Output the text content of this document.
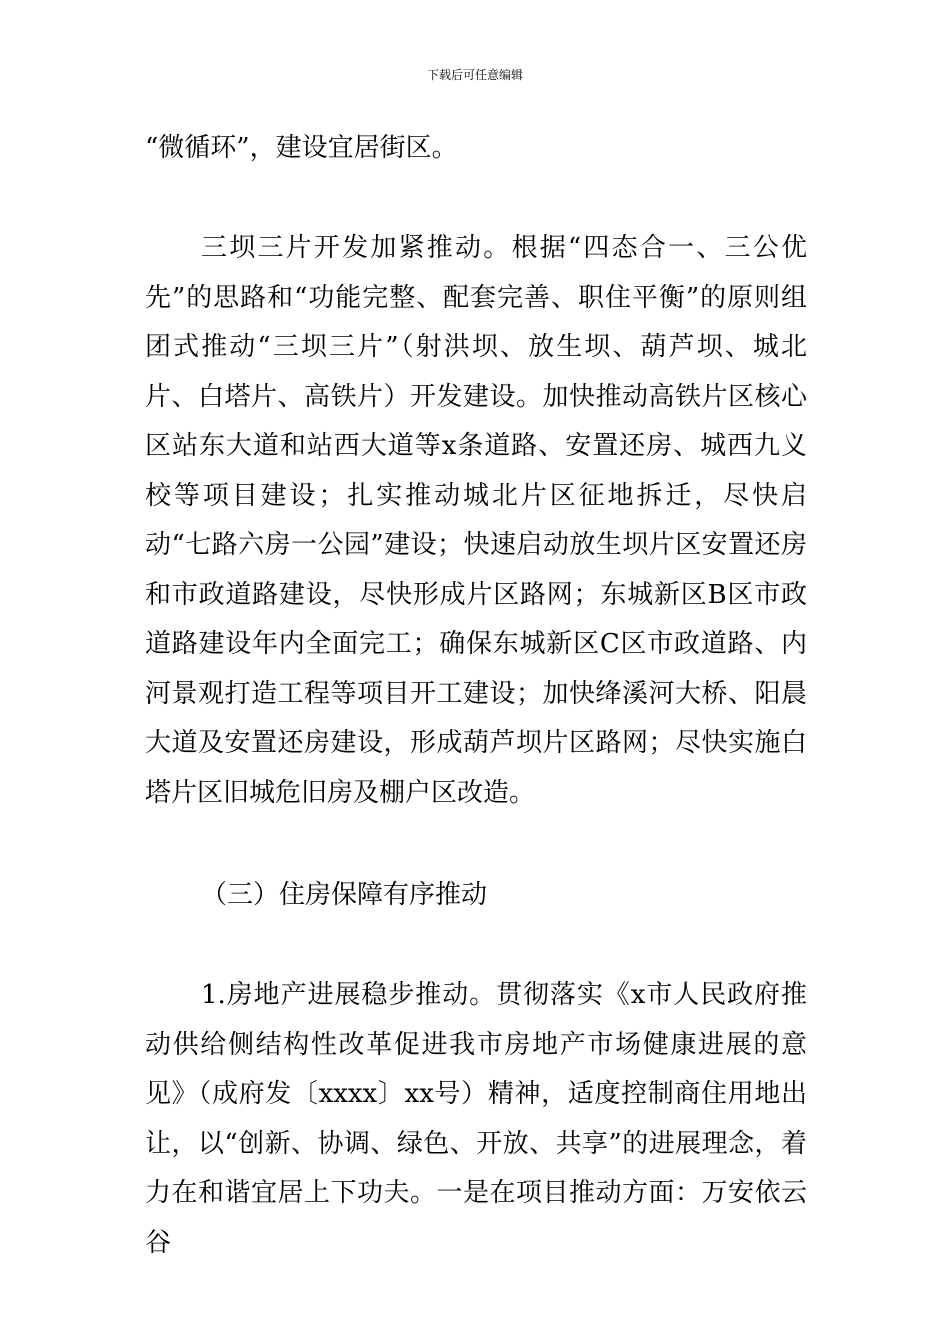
下载后可任意编辑

“微循环”，建设宜居街区。

三坝三片开发加紧推动。根据“四态合一、三公优先”的思路和“功能完整、配套完善、职住平衡”的原则组团式推动“三坝三片”（射洪坝、放生坝、葫芦坝、城北片、白塔片、高铁片）开发建设。加快推动高铁片区核心区站东大道和站西大道等x条道路、安置还房、城西九义校等项目建设；扎实推动城北片区征地拆迁，尽快启动“七路六房一公园”建设；快速启动放生坝片区安置还房和市政道路建设，尽快形成片区路网；东城新区B区市政道路建设年内全面完工；确保东城新区C区市政道路、内河景观打造工程等项目开工建设；加快绛溪河大桥、阳晨大道及安置还房建设，形成葫芦坝片区路网；尽快实施白塔片区旧城危旧房及棚户区改造。

（三）住房保障有序推动

1.房地产进展稳步推动。贯彻落实《x市人民政府推动供给侧结构性改革促进我市房地产市场健康进展的意见》（成府发〔xxxx〕xx号）精神，适度控制商住用地出让，以“创新、协调、绿色、开放、共享”的进展理念，着力在和谐宜居上下功夫。一是在项目推动方面：万安依云谷
